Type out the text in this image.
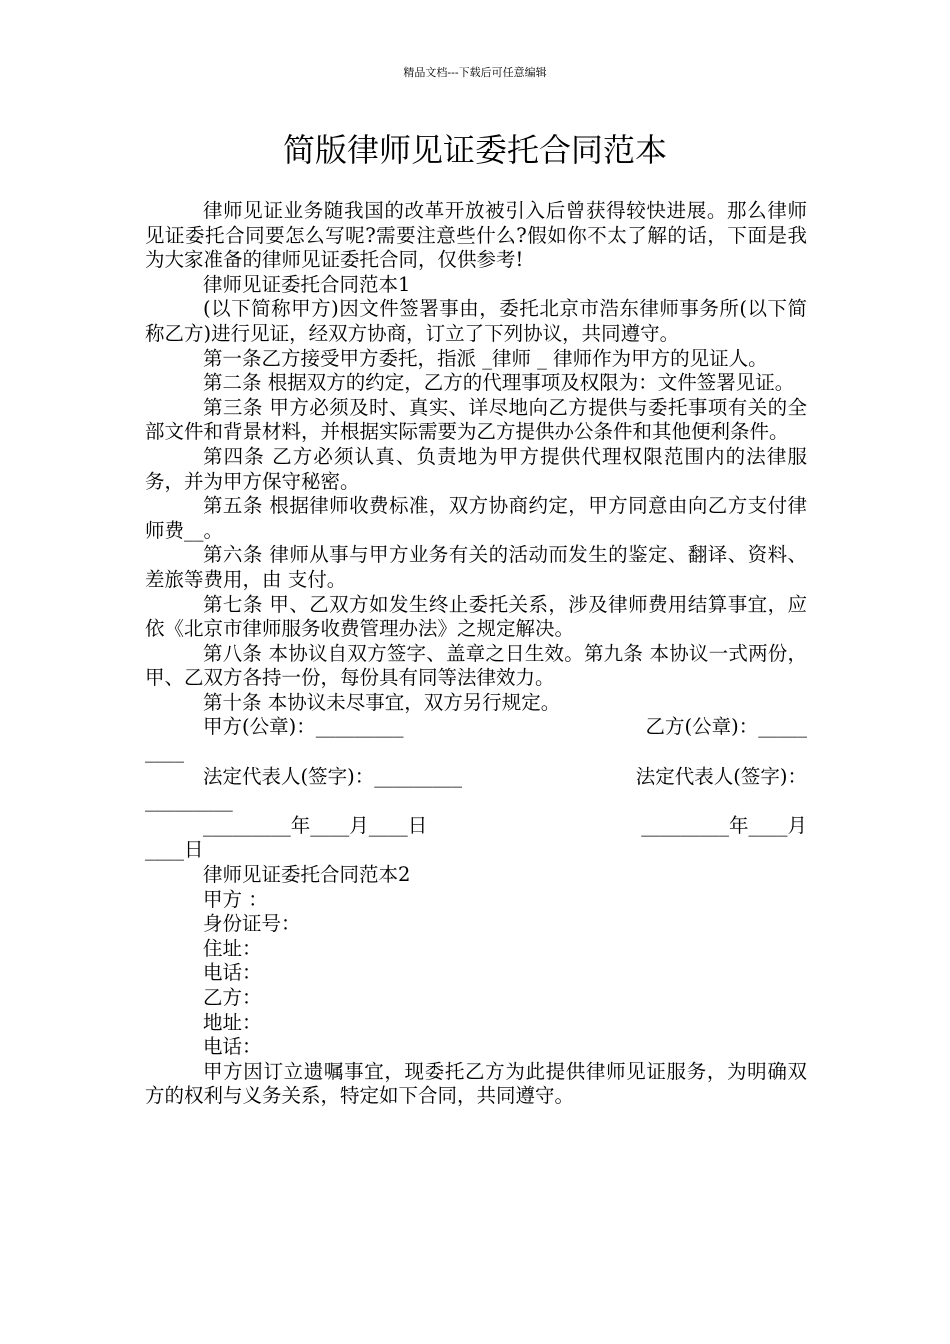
精品文档---下载后可任意编辑
简版律师见证委托合同范本

律师见证业务随我国的改革开放被引入后曾获得较快进展。那么律师见证委托合同要怎么写呢?需要注意些什么?假如你不太了解的话，下面是我为大家准备的律师见证委托合同，仅供参考!

律师见证委托合同范本1

(以下简称甲方)因文件签署事由，委托北京市浩东律师事务所(以下简称乙方)进行见证，经双方协商，订立了下列协议，共同遵守。

第一条乙方接受甲方委托，指派 _律师 _ 律师作为甲方的见证人。

第二条 根据双方的约定，乙方的代理事项及权限为：文件签署见证。

第三条 甲方必须及时、真实、详尽地向乙方提供与委托事项有关的全部文件和背景材料，并根据实际需要为乙方提供办公条件和其他便利条件。

第四条 乙方必须认真、负责地为甲方提供代理权限范围内的法律服务，并为甲方保守秘密。

第五条 根据律师收费标准，双方协商约定，甲方同意由向乙方支付律师费__。

第六条 律师从事与甲方业务有关的活动而发生的鉴定、翻译、资料、差旅等费用，由 支付。

第七条 甲、乙双方如发生终止委托关系，涉及律师费用结算事宜，应依《北京市律师服务收费管理办法》之规定解决。

第八条 本协议自双方签字、盖章之日生效。第九条 本协议一式两份，甲、乙双方各持一份，每份具有同等法律效力。

第十条 本协议未尽事宜，双方另行规定。

甲方(公章)：_________	乙方(公章)：_____

____

法定代表人(签字)：_________	法定代表人(签字)：

_________

_________年____月____日	_________年____月

____日

律师见证委托合同范本2

甲方 ：

身份证号：

住址：

电话：

乙方：

地址：

电话：

甲方因订立遗嘱事宜，现委托乙方为此提供律师见证服务，为明确双方的权利与义务关系，特定如下合同，共同遵守。
